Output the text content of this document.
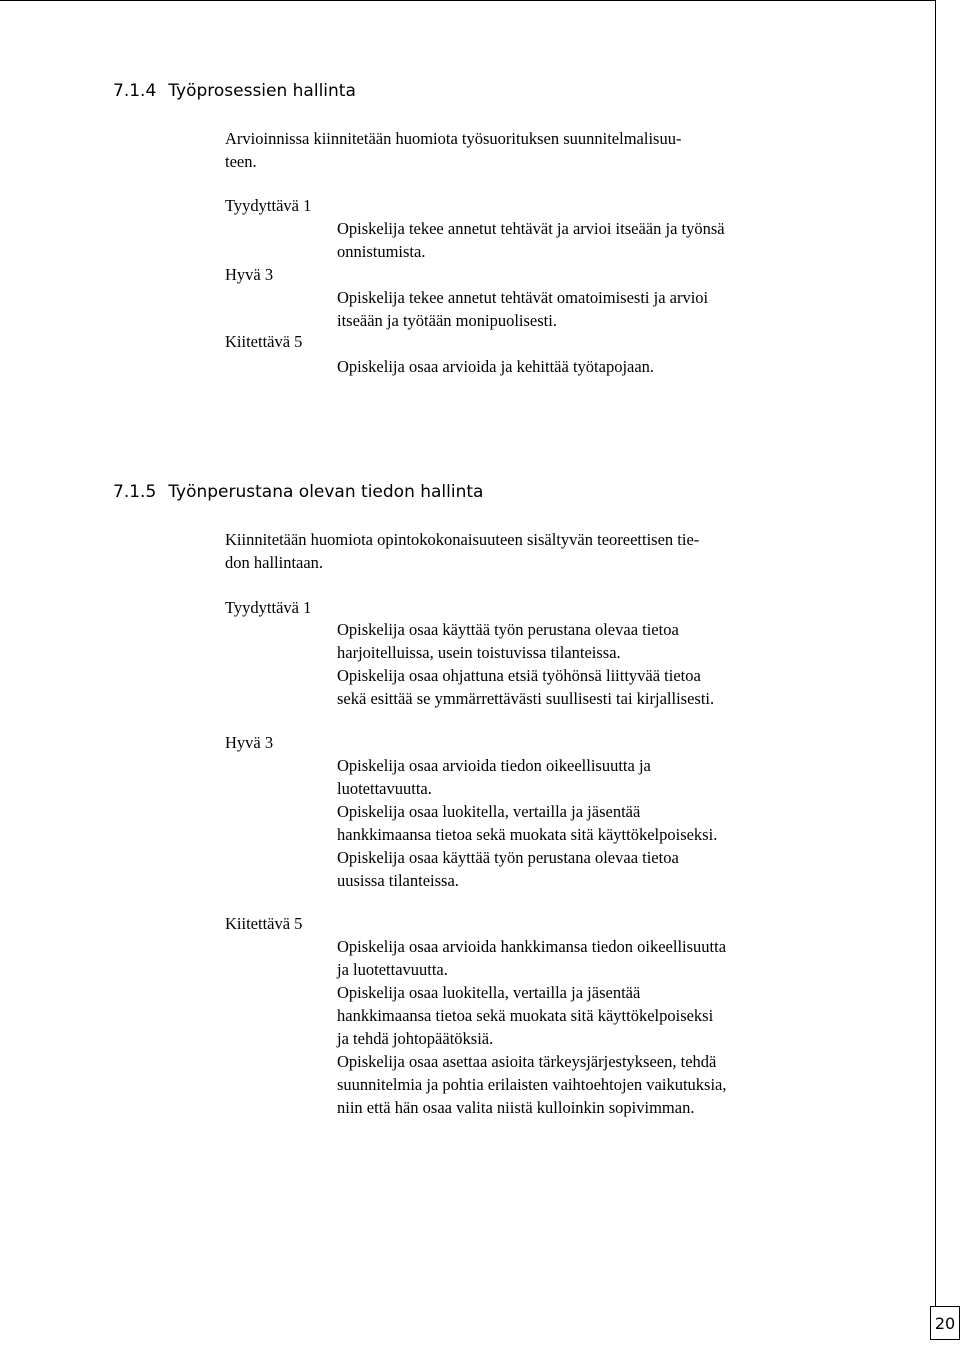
7.1.4 Työprosessien hallinta
Arvioinnissa kiinnitetään huomiota työsuorituksen suunnitelmalisuu-
teen.
Tyydyttävä 1
Opiskelija tekee annetut tehtävät ja arvioi itseään ja työnsä
onnistumista.
Hyvä 3
Opiskelija tekee annetut tehtävät omatoimisesti ja arvioi
itseään ja työtään monipuolisesti.
Kiitettävä 5
Opiskelija osaa arvioida ja kehittää työtapojaan.
7.1.5 Työnperustana olevan tiedon hallinta
Kiinnitetään huomiota opintokokonaisuuteen sisältyvän teoreettisen tie-
don hallintaan.
Tyydyttävä 1
Opiskelija osaa käyttää työn perustana olevaa tietoa
harjoitelluissa, usein toistuvissa tilanteissa.
Opiskelija osaa ohjattuna etsiä työhönsä liittyvää tietoa
sekä esittää se ymmärrettävästi suullisesti tai kirjallisesti.
Hyvä 3
Opiskelija osaa arvioida tiedon oikeellisuutta ja
luotettavuutta.
Opiskelija osaa luokitella, vertailla ja jäsentää
hankkimaansa tietoa sekä muokata sitä käyttökelpoiseksi.
Opiskelija osaa käyttää työn perustana olevaa tietoa
uusissa tilanteissa.
Kiitettävä 5
Opiskelija osaa arvioida hankkimansa tiedon oikeellisuutta
ja luotettavuutta.
Opiskelija osaa luokitella, vertailla ja jäsentää
hankkimaansa tietoa sekä muokata sitä käyttökelpoiseksi
ja tehdä johtopäätöksiä.
Opiskelija osaa asettaa asioita tärkeysjärjestykseen, tehdä
suunnitelmia ja pohtia erilaisten vaihtoehtojen vaikutuksia,
niin että hän osaa valita niistä kulloinkin sopivimman.
20
